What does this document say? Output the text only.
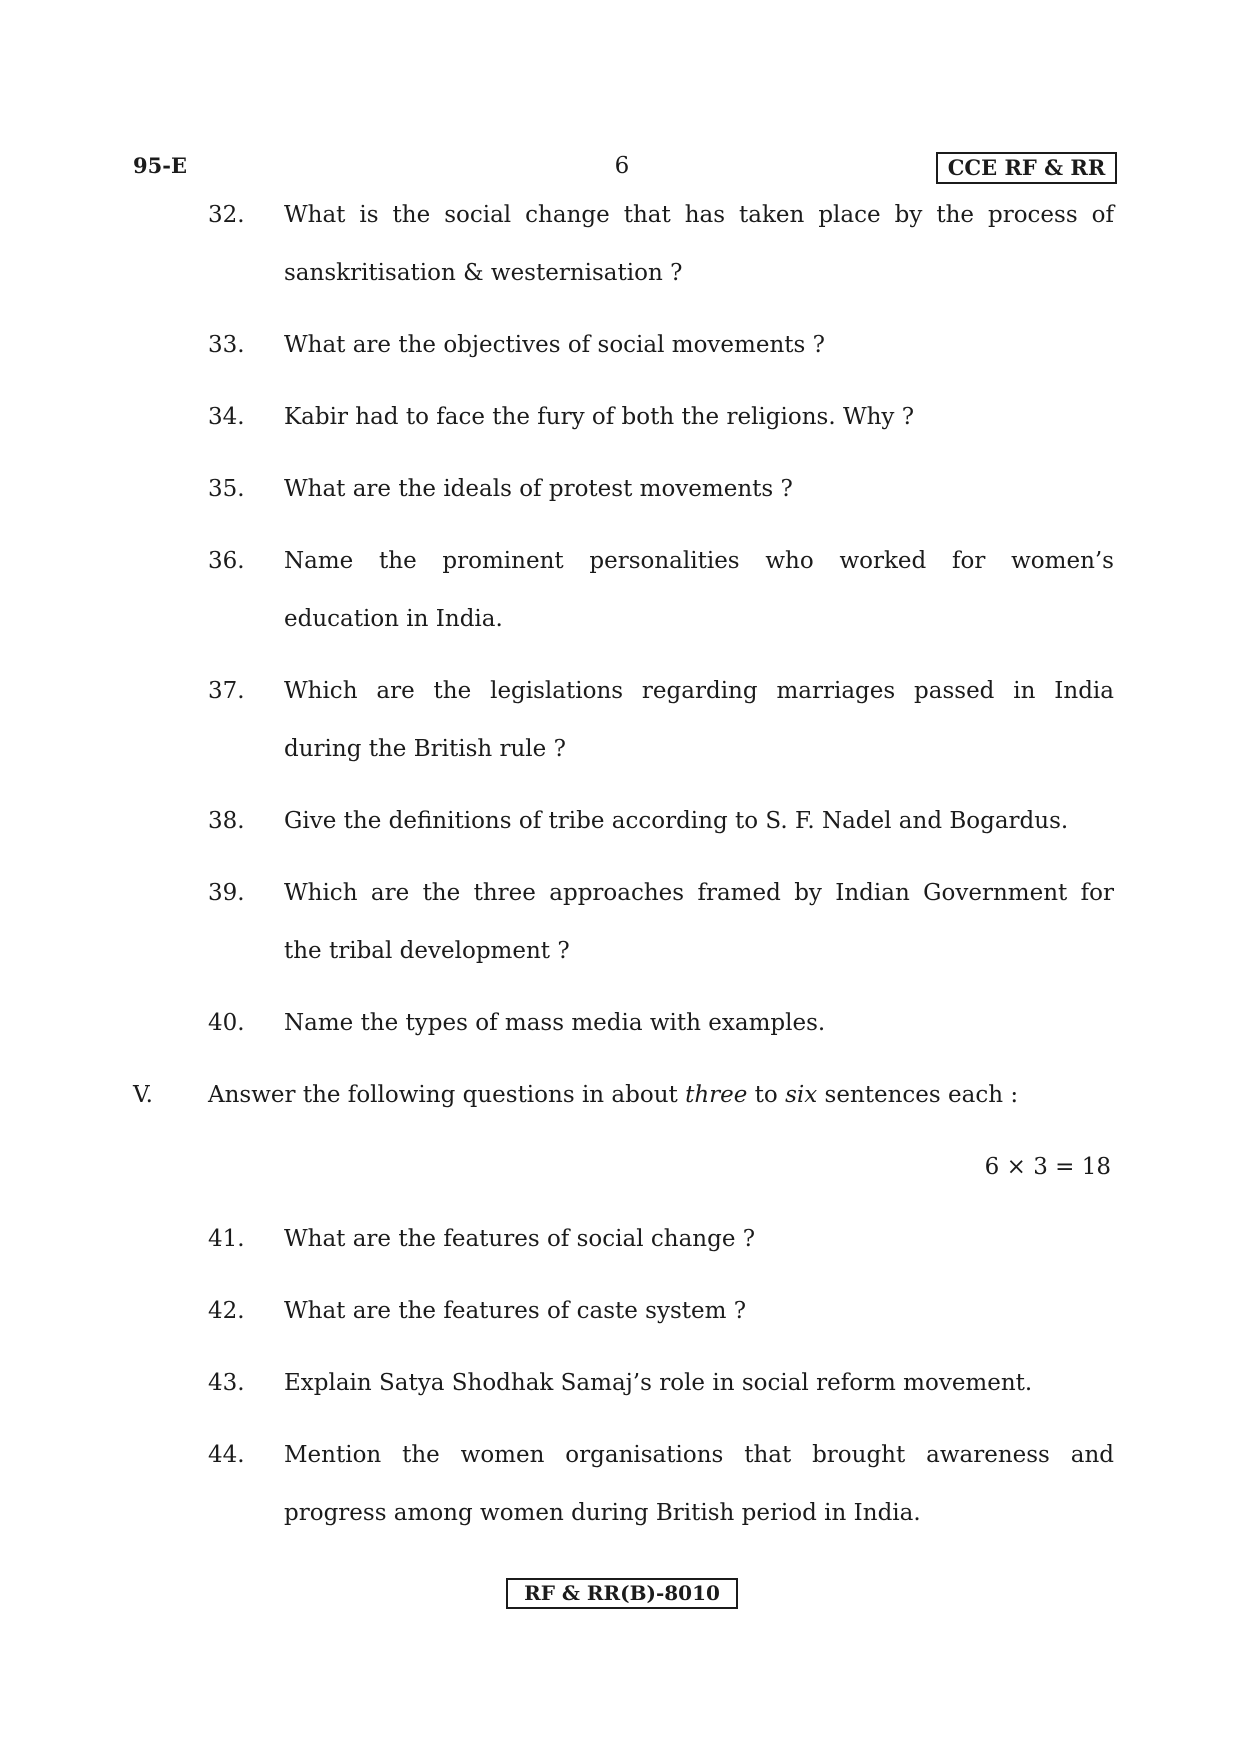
95-E	6	CCE RF & RR
32. What is the social change that has taken place by the process of
sanskritisation & westernisation ?
33. What are the objectives of social movements ?
34. Kabir had to face the fury of both the religions. Why ?
35. What are the ideals of protest movements ?
36. Name the prominent personalities who worked for women’s
education in India.
37. Which are the legislations regarding marriages passed in India
during the British rule ?
38. Give the definitions of tribe according to S. F. Nadel and Bogardus.
39. Which are the three approaches framed by Indian Government for
the tribal development ?
40. Name the types of mass media with examples.
V. Answer the following questions in about three to six sentences each :
6 × 3 = 18
41. What are the features of social change ?
42. What are the features of caste system ?
43. Explain Satya Shodhak Samaj’s role in social reform movement.
44. Mention the women organisations that brought awareness and
progress among women during British period in India.
RF & RR(B)-8010
